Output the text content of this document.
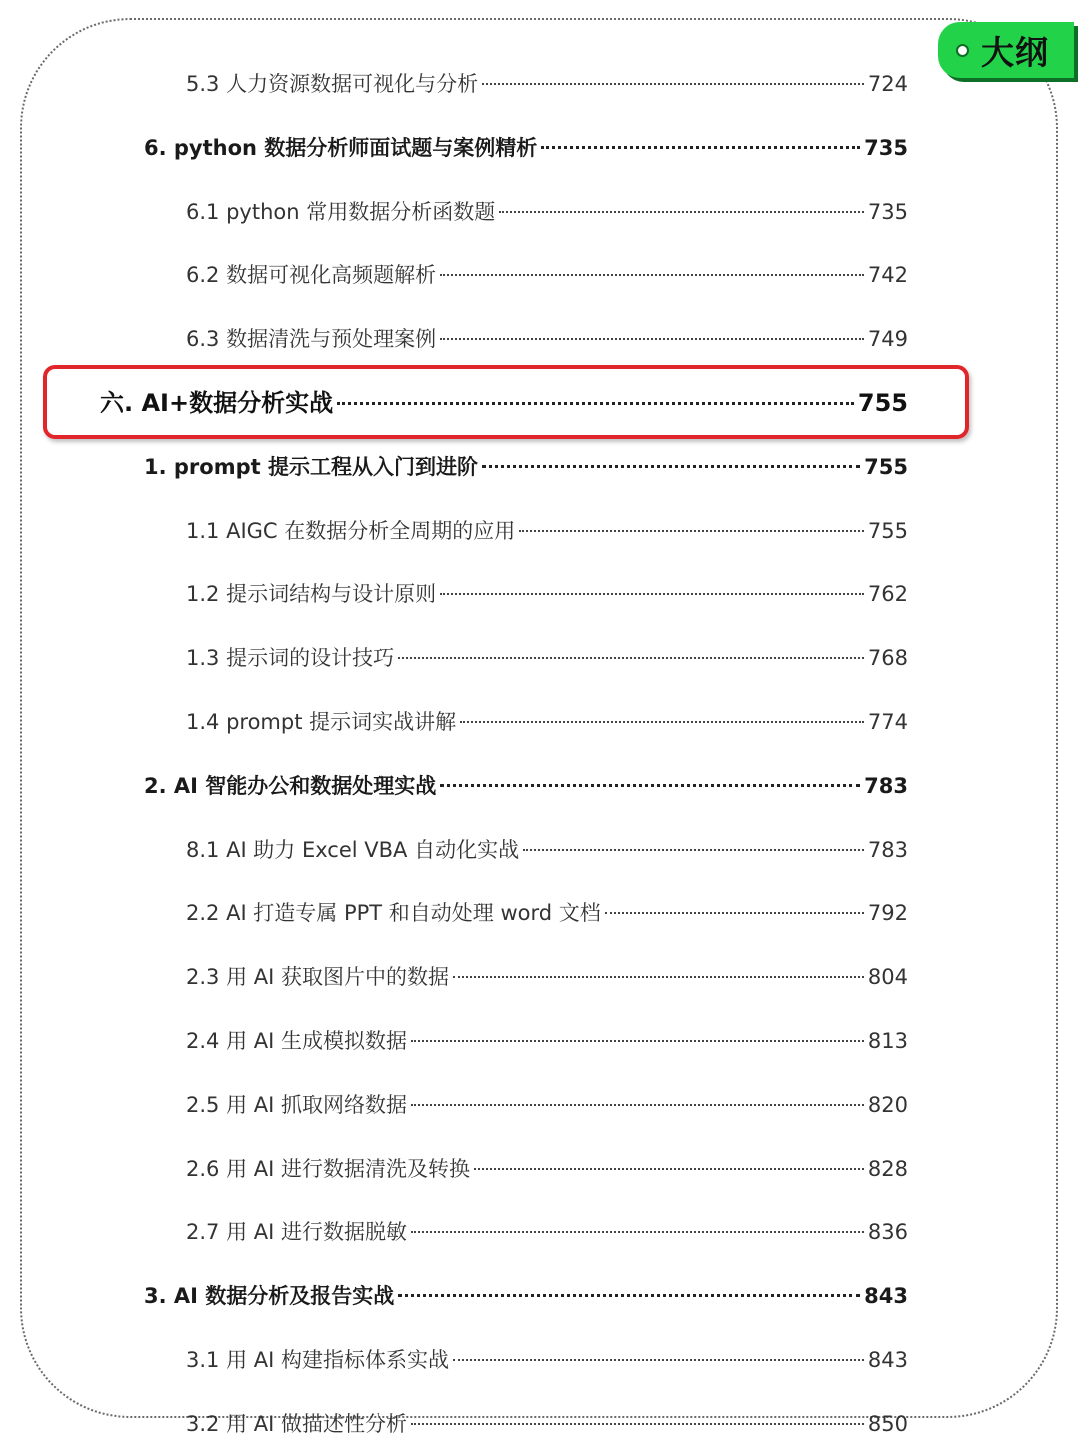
大纲
5.3 人力资源数据可视化与分析	724
6. python 数据分析师面试题与案例精析	735
6.1 python 常用数据分析函数题	735
6.2 数据可视化高频题解析	742
6.3 数据清洗与预处理案例	749
六. AI+数据分析实战	755
1. prompt 提示工程从入门到进阶	755
1.1 AIGC 在数据分析全周期的应用	755
1.2 提示词结构与设计原则	762
1.3 提示词的设计技巧	768
1.4 prompt 提示词实战讲解	774
2. AI 智能办公和数据处理实战	783
8.1 AI 助力 Excel VBA 自动化实战	783
2.2 AI 打造专属 PPT 和自动处理 word 文档	792
2.3 用 AI 获取图片中的数据	804
2.4 用 AI 生成模拟数据	813
2.5 用 AI 抓取网络数据	820
2.6 用 AI 进行数据清洗及转换	828
2.7 用 AI 进行数据脱敏	836
3. AI 数据分析及报告实战	843
3.1 用 AI 构建指标体系实战	843
3.2 用 AI 做描述性分析	850
